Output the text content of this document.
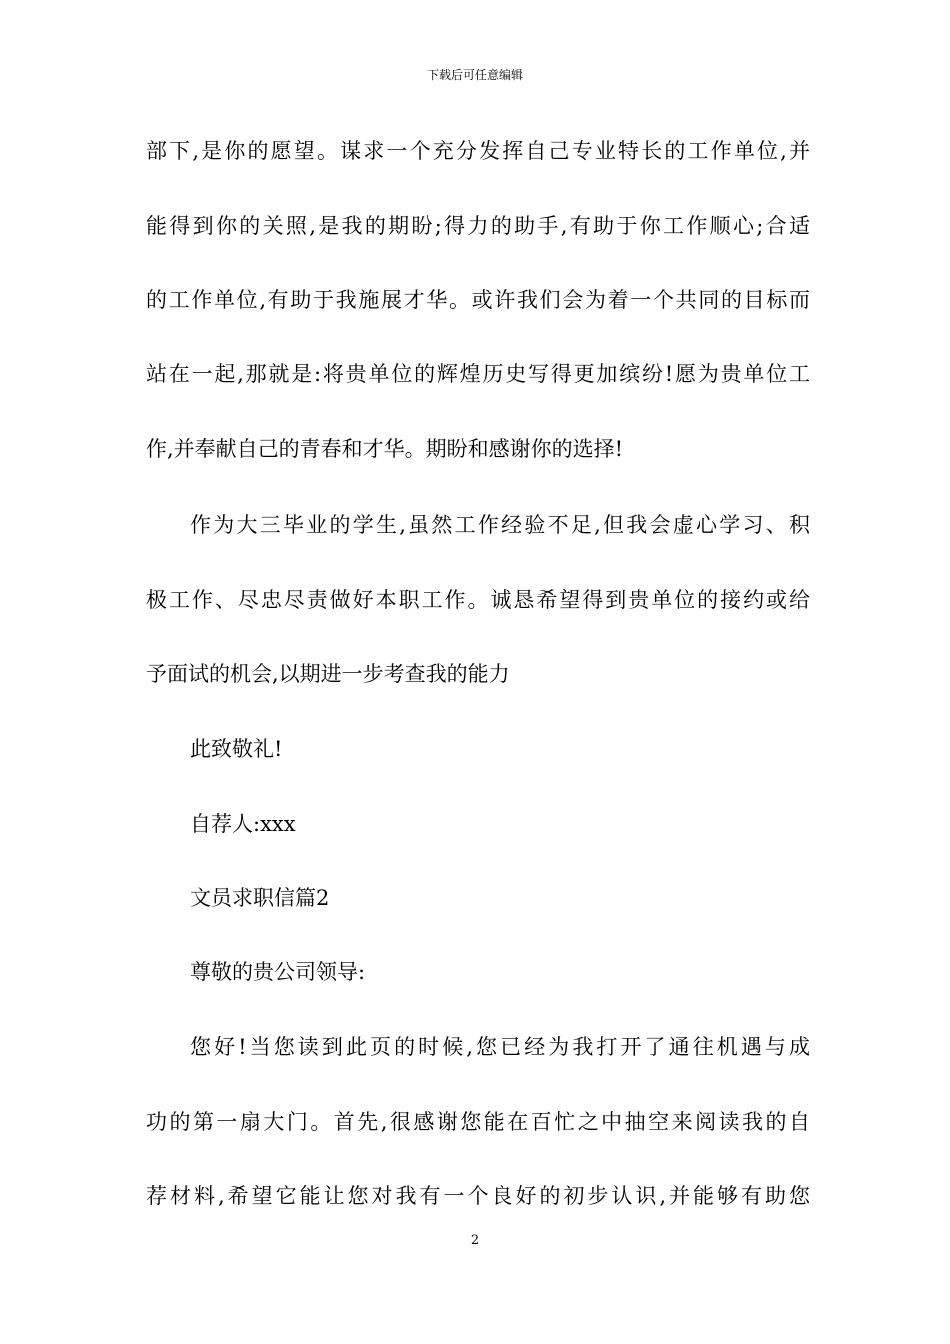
下载后可任意编辑
部下,是你的愿望。谋求一个充分发挥自己专业特长的工作单位,并
能得到你的关照,是我的期盼;得力的助手,有助于你工作顺心;合适
的工作单位,有助于我施展才华。或许我们会为着一个共同的目标而
站在一起,那就是:将贵单位的辉煌历史写得更加缤纷!愿为贵单位工
作,并奉献自己的青春和才华。期盼和感谢你的选择!
作为大三毕业的学生,虽然工作经验不足,但我会虚心学习、积
极工作、尽忠尽责做好本职工作。诚恳希望得到贵单位的接约或给
予面试的机会,以期进一步考查我的能力
此致敬礼!
自荐人:xxx
文员求职信篇2
尊敬的贵公司领导:
您好!当您读到此页的时候,您已经为我打开了通往机遇与成
功的第一扇大门。首先,很感谢您能在百忙之中抽空来阅读我的自
荐材料,希望它能让您对我有一个良好的初步认识,并能够有助您
2
